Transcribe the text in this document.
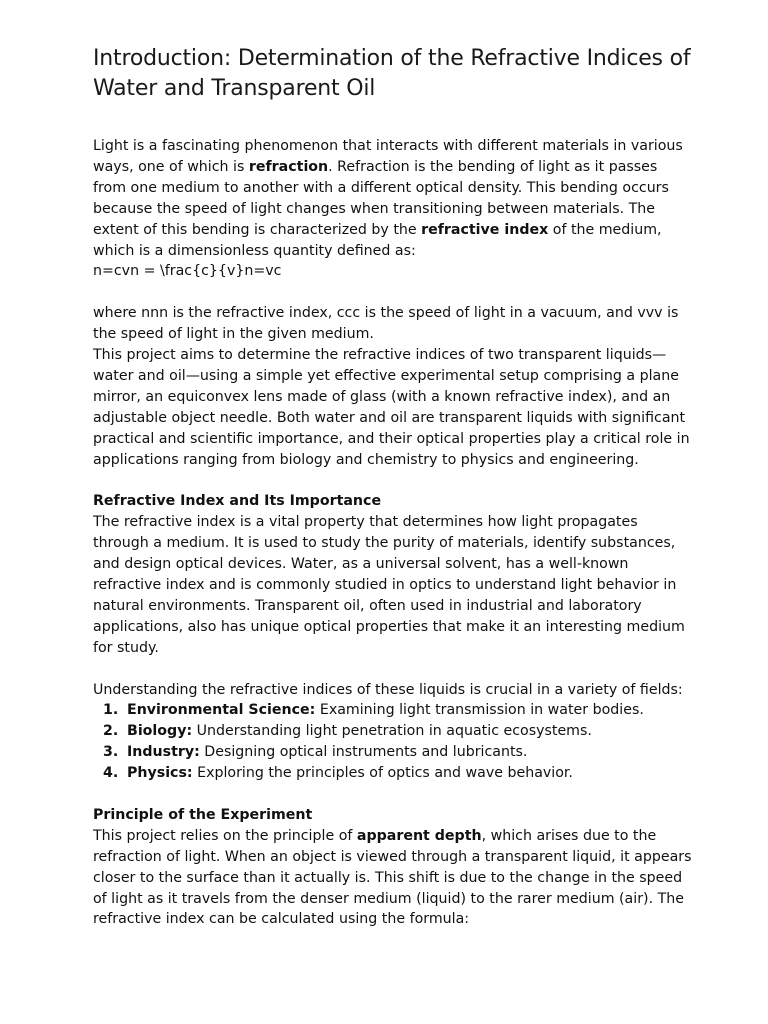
Introduction: Determination of the Refractive Indices of Water and Transparent Oil

Light is a fascinating phenomenon that interacts with different materials in various ways, one of which is refraction. Refraction is the bending of light as it passes from one medium to another with a different optical density. This bending occurs because the speed of light changes when transitioning between materials. The extent of this bending is characterized by the refractive index of the medium, which is a dimensionless quantity defined as:

n=cvn = \frac{c}{v}n=vc

where nnn is the refractive index, ccc is the speed of light in a vacuum, and vvv is the speed of light in the given medium.

This project aims to determine the refractive indices of two transparent liquids—water and oil—using a simple yet effective experimental setup comprising a plane mirror, an equiconvex lens made of glass (with a known refractive index), and an adjustable object needle. Both water and oil are transparent liquids with significant practical and scientific importance, and their optical properties play a critical role in applications ranging from biology and chemistry to physics and engineering.

Refractive Index and Its Importance

The refractive index is a vital property that determines how light propagates through a medium. It is used to study the purity of materials, identify substances, and design optical devices. Water, as a universal solvent, has a well-known refractive index and is commonly studied in optics to understand light behavior in natural environments. Transparent oil, often used in industrial and laboratory applications, also has unique optical properties that make it an interesting medium for study.

Understanding the refractive indices of these liquids is crucial in a variety of fields:

1. Environmental Science: Examining light transmission in water bodies.
2. Biology: Understanding light penetration in aquatic ecosystems.
3. Industry: Designing optical instruments and lubricants.
4. Physics: Exploring the principles of optics and wave behavior.
Principle of the Experiment

This project relies on the principle of apparent depth, which arises due to the refraction of light. When an object is viewed through a transparent liquid, it appears closer to the surface than it actually is. This shift is due to the change in the speed of light as it travels from the denser medium (liquid) to the rarer medium (air). The refractive index can be calculated using the formula:
